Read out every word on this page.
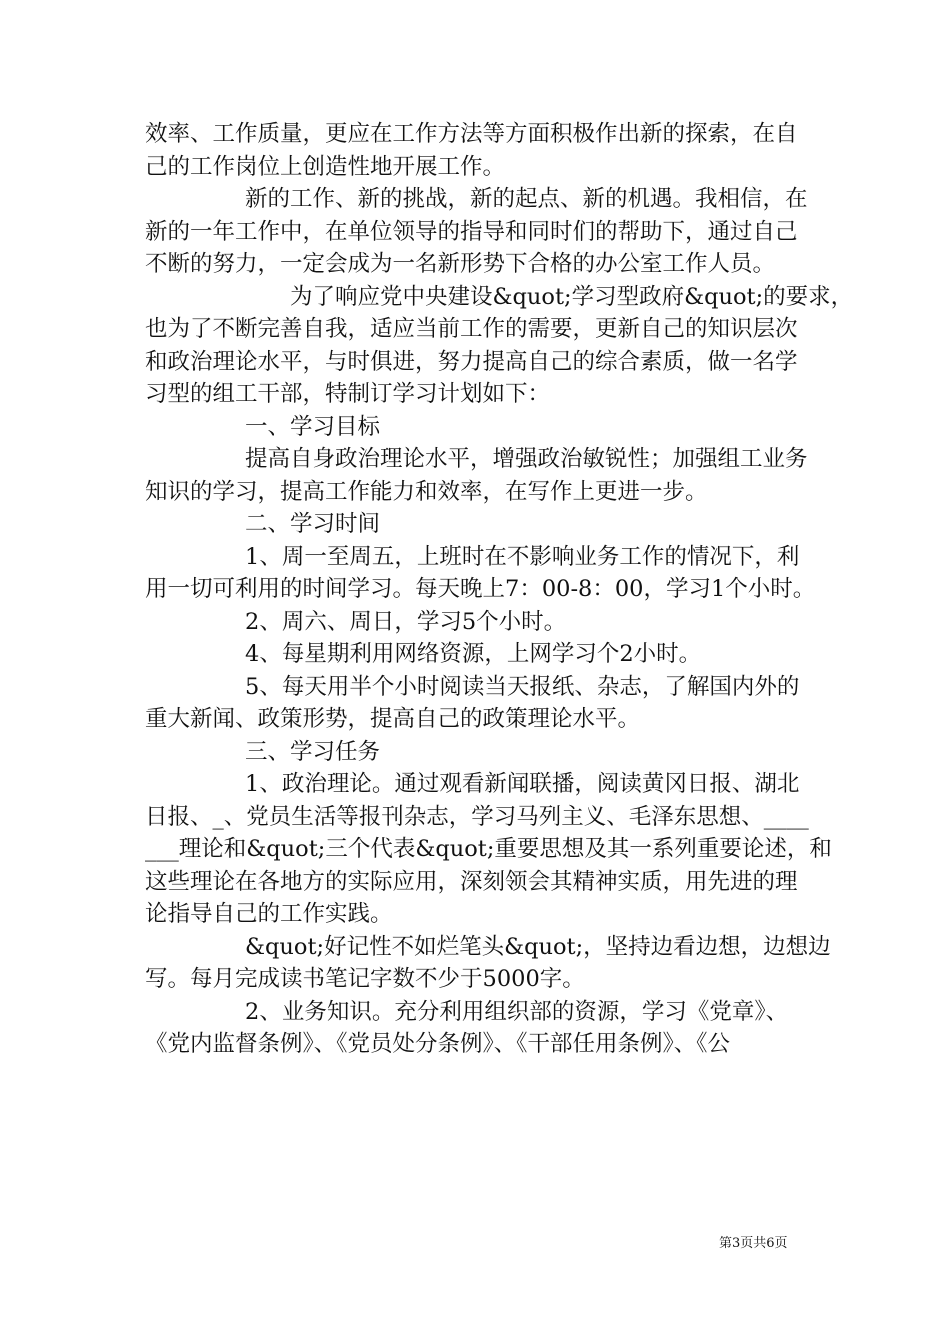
效率、工作质量，更应在工作方法等方面积极作出新的探索，在自
己的工作岗位上创造性地开展工作。
新的工作、新的挑战，新的起点、新的机遇。我相信，在
新的一年工作中，在单位领导的指导和同时们的帮助下，通过自己
不断的努力，一定会成为一名新形势下合格的办公室工作人员。
为了响应党中央建设&quot;学习型政府&quot;的要求，
也为了不断完善自我，适应当前工作的需要，更新自己的知识层次
和政治理论水平，与时俱进，努力提高自己的综合素质，做一名学
习型的组工干部，特制订学习计划如下：
一、学习目标
提高自身政治理论水平，增强政治敏锐性；加强组工业务
知识的学习，提高工作能力和效率，在写作上更进一步。
二、学习时间
1、周一至周五，上班时在不影响业务工作的情况下，利
用一切可利用的时间学习。每天晚上7：00-8：00，学习1个小时。
2、周六、周日，学习5个小时。
4、每星期利用网络资源，上网学习个2小时。
5、每天用半个小时阅读当天报纸、杂志，了解国内外的
重大新闻、政策形势，提高自己的政策理论水平。
三、学习任务
1、政治理论。通过观看新闻联播，阅读黄冈日报、湖北
日报、_、党员生活等报刊杂志，学习马列主义、毛泽东思想、____
___理论和&quot;三个代表&quot;重要思想及其一系列重要论述，和
这些理论在各地方的实际应用，深刻领会其精神实质，用先进的理
论指导自己的工作实践。
&quot;好记性不如烂笔头&quot;，坚持边看边想，边想边
写。每月完成读书笔记字数不少于5000字。
2、业务知识。充分利用组织部的资源，学习《党章》、
《党内监督条例》、《党员处分条例》、《干部任用条例》、《公
第3页共6页
